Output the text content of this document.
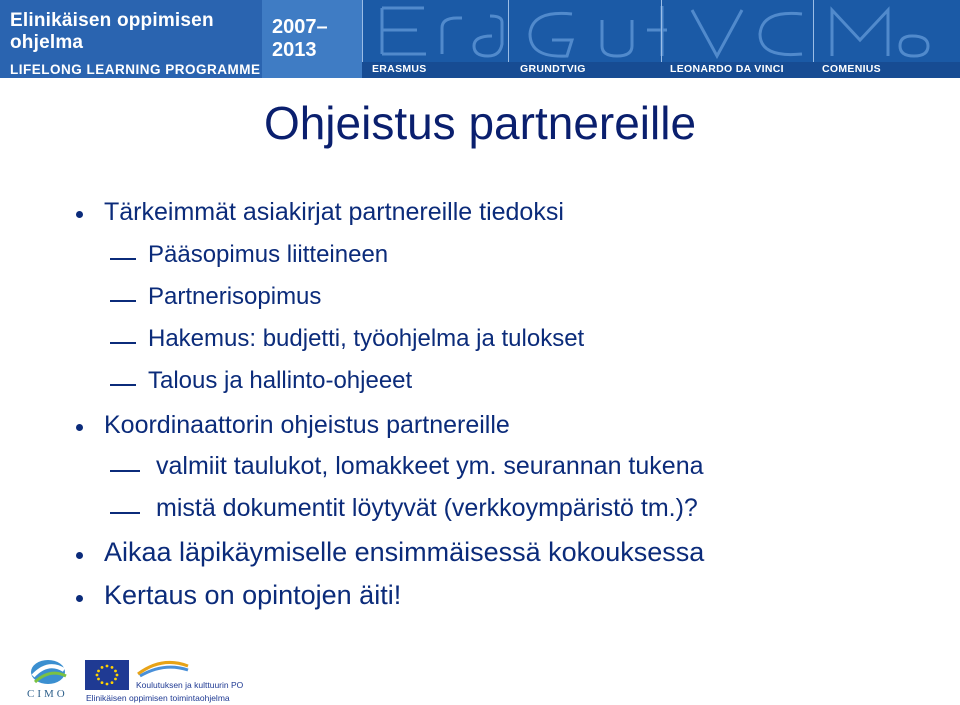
Elinikäisen oppimisen ohjelma
LIFELONG LEARNING PROGRAMME LLP
2007–2013
ERASMUS	GRUNDTVIG	LEONARDO DA VINCI	COMENIUS
Ohjeistus partnereille
Tärkeimmät asiakirjat partnereille tiedoksi
Pääsopimus liitteineen
Partnerisopimus
Hakemus: budjetti, työohjelma ja tulokset
Talous ja hallinto-ohjeeet
Koordinaattorin ohjeistus partnereille
valmiit taulukot, lomakkeet ym. seurannan tukena
mistä dokumentit löytyvät (verkkoympäristö tm.)?
Aikaa läpikäymiselle ensimmäisessä kokouksessa
Kertaus on opintojen äiti!
CIMO
Koulutuksen ja kulttuurin PO
Elinikäisen oppimisen toimintaohjelma
